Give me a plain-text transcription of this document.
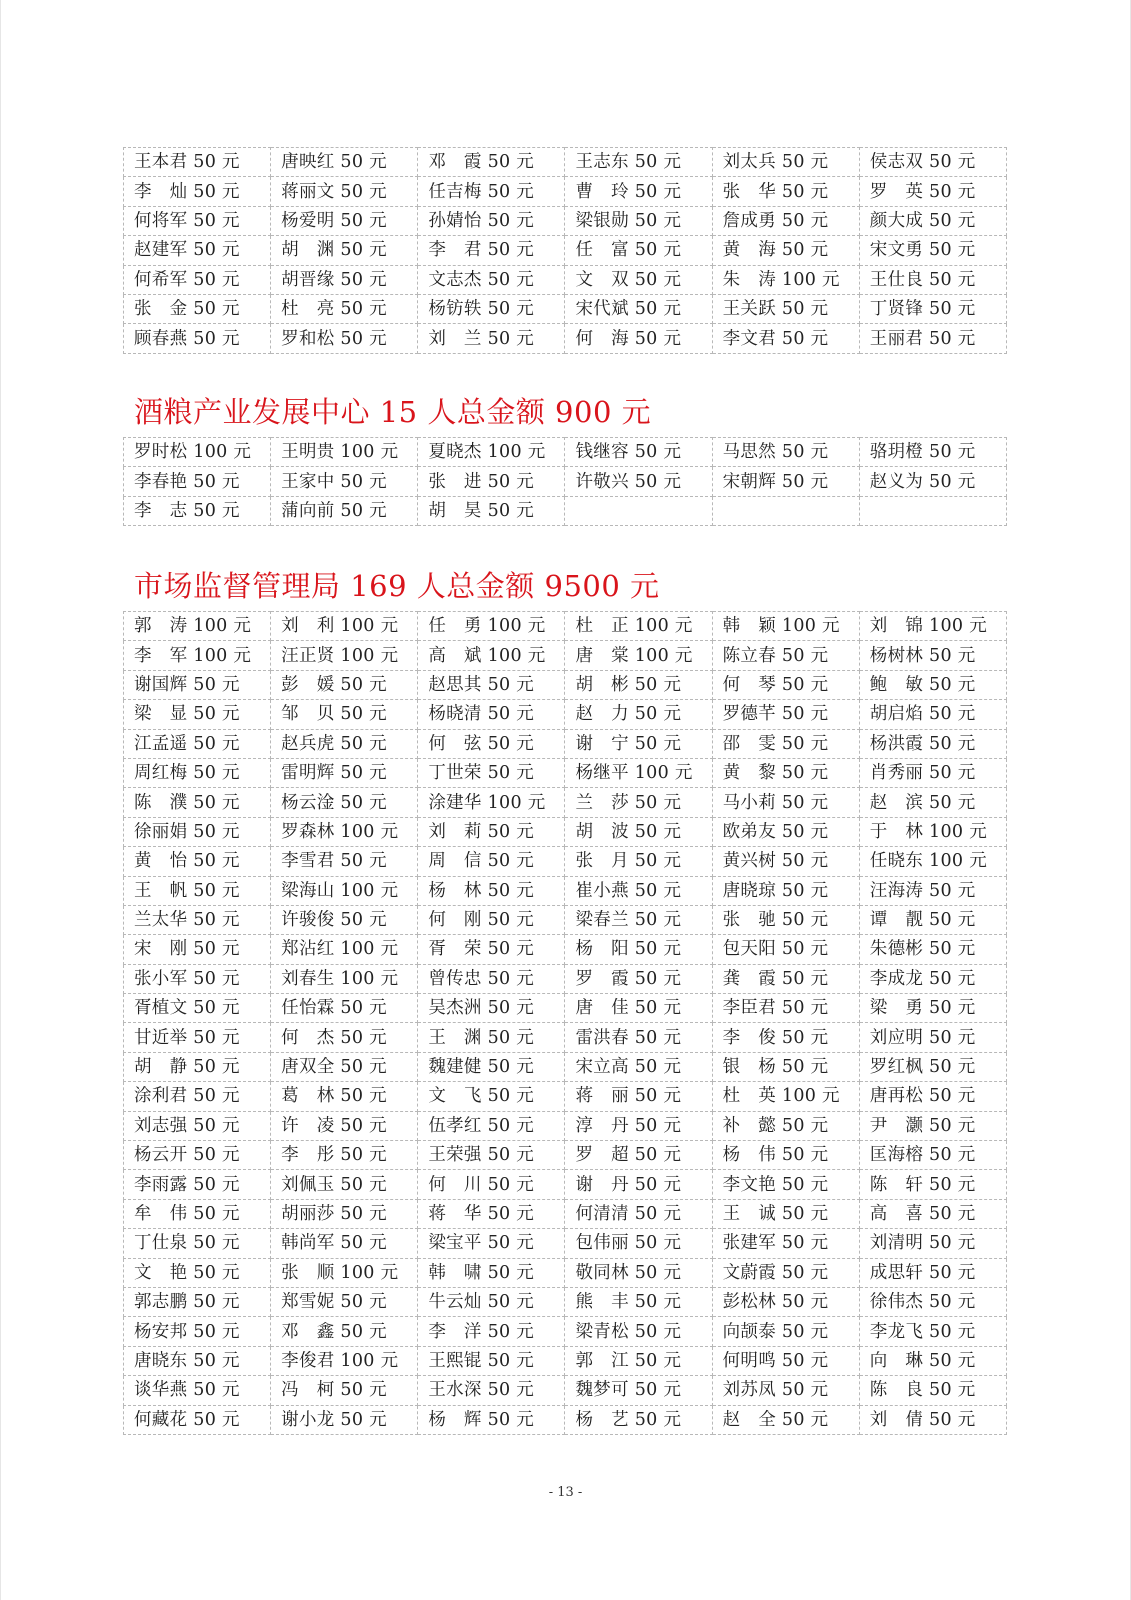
王本君 50 元	唐映红 50 元	邓　霞 50 元	王志东 50 元	刘太兵 50 元	侯志双 50 元
李　灿 50 元	蒋丽文 50 元	任吉梅 50 元	曹　玲 50 元	张　华 50 元	罗　英 50 元
何将军 50 元	杨爱明 50 元	孙婧怡 50 元	梁银勋 50 元	詹成勇 50 元	颜大成 50 元
赵建军 50 元	胡　渊 50 元	李　君 50 元	任　富 50 元	黄　海 50 元	宋文勇 50 元
何希军 50 元	胡晋缘 50 元	文志杰 50 元	文　双 50 元	朱　涛 100 元	王仕良 50 元
张　金 50 元	杜　亮 50 元	杨钫轶 50 元	宋代斌 50 元	王关跃 50 元	丁贤锋 50 元
顾春燕 50 元	罗和松 50 元	刘　兰 50 元	何　海 50 元	李文君 50 元	王丽君 50 元
酒粮产业发展中心 15 人总金额 900 元
罗时松 100 元	王明贵 100 元	夏晓杰 100 元	钱继容 50 元	马思然 50 元	骆玥橙 50 元
李春艳 50 元	王家中 50 元	张　进 50 元	许敬兴 50 元	宋朝辉 50 元	赵义为 50 元
李　志 50 元	蒲向前 50 元	胡　昊 50 元			
市场监督管理局 169 人总金额 9500 元
郭　涛 100 元	刘　利 100 元	任　勇 100 元	杜　正 100 元	韩　颖 100 元	刘　锦 100 元
李　军 100 元	汪正贤 100 元	高　斌 100 元	唐　棠 100 元	陈立春 50 元	杨树林 50 元
谢国辉 50 元	彭　媛 50 元	赵思其 50 元	胡　彬 50 元	何　琴 50 元	鲍　敏 50 元
梁　显 50 元	邹　贝 50 元	杨晓清 50 元	赵　力 50 元	罗德芊 50 元	胡启焰 50 元
江孟遥 50 元	赵兵虎 50 元	何　弦 50 元	谢　宁 50 元	邵　雯 50 元	杨洪霞 50 元
周红梅 50 元	雷明辉 50 元	丁世荣 50 元	杨继平 100 元	黄　黎 50 元	肖秀丽 50 元
陈　濮 50 元	杨云淦 50 元	涂建华 100 元	兰　莎 50 元	马小莉 50 元	赵　滨 50 元
徐丽娟 50 元	罗森林 100 元	刘　莉 50 元	胡　波 50 元	欧弟友 50 元	于　林 100 元
黄　怡 50 元	李雪君 50 元	周　信 50 元	张　月 50 元	黄兴树 50 元	任晓东 100 元
王　帆 50 元	梁海山 100 元	杨　林 50 元	崔小燕 50 元	唐晓琼 50 元	汪海涛 50 元
兰太华 50 元	许骏俊 50 元	何　刚 50 元	梁春兰 50 元	张　驰 50 元	谭　靓 50 元
宋　刚 50 元	郑沾红 100 元	胥　荣 50 元	杨　阳 50 元	包天阳 50 元	朱德彬 50 元
张小军 50 元	刘春生 100 元	曾传忠 50 元	罗　霞 50 元	龚　霞 50 元	李成龙 50 元
胥植文 50 元	任怡霖 50 元	吴杰洲 50 元	唐　佳 50 元	李臣君 50 元	梁　勇 50 元
甘近举 50 元	何　杰 50 元	王　渊 50 元	雷洪春 50 元	李　俊 50 元	刘应明 50 元
胡　静 50 元	唐双全 50 元	魏建健 50 元	宋立高 50 元	银　杨 50 元	罗红枫 50 元
涂利君 50 元	葛　林 50 元	文　飞 50 元	蒋　丽 50 元	杜　英 100 元	唐再松 50 元
刘志强 50 元	许　凌 50 元	伍孝红 50 元	淳　丹 50 元	补　懿 50 元	尹　灏 50 元
杨云开 50 元	李　彤 50 元	王荣强 50 元	罗　超 50 元	杨　伟 50 元	匡海榕 50 元
李雨露 50 元	刘佩玉 50 元	何　川 50 元	谢　丹 50 元	李文艳 50 元	陈　轩 50 元
牟　伟 50 元	胡丽莎 50 元	蒋　华 50 元	何清清 50 元	王　诚 50 元	高　喜 50 元
丁仕泉 50 元	韩尚军 50 元	梁宝平 50 元	包伟丽 50 元	张建军 50 元	刘清明 50 元
文　艳 50 元	张　顺 100 元	韩　啸 50 元	敬同林 50 元	文蔚霞 50 元	成思轩 50 元
郭志鹏 50 元	郑雪妮 50 元	牛云灿 50 元	熊　丰 50 元	彭松林 50 元	徐伟杰 50 元
杨安邦 50 元	邓　鑫 50 元	李　洋 50 元	梁青松 50 元	向颉泰 50 元	李龙飞 50 元
唐晓东 50 元	李俊君 100 元	王熙锟 50 元	郭　江 50 元	何明鸣 50 元	向　琳 50 元
谈华燕 50 元	冯　柯 50 元	王水深 50 元	魏梦可 50 元	刘苏凤 50 元	陈　良 50 元
何藏花 50 元	谢小龙 50 元	杨　辉 50 元	杨　艺 50 元	赵　全 50 元	刘　倩 50 元
- 13 -
